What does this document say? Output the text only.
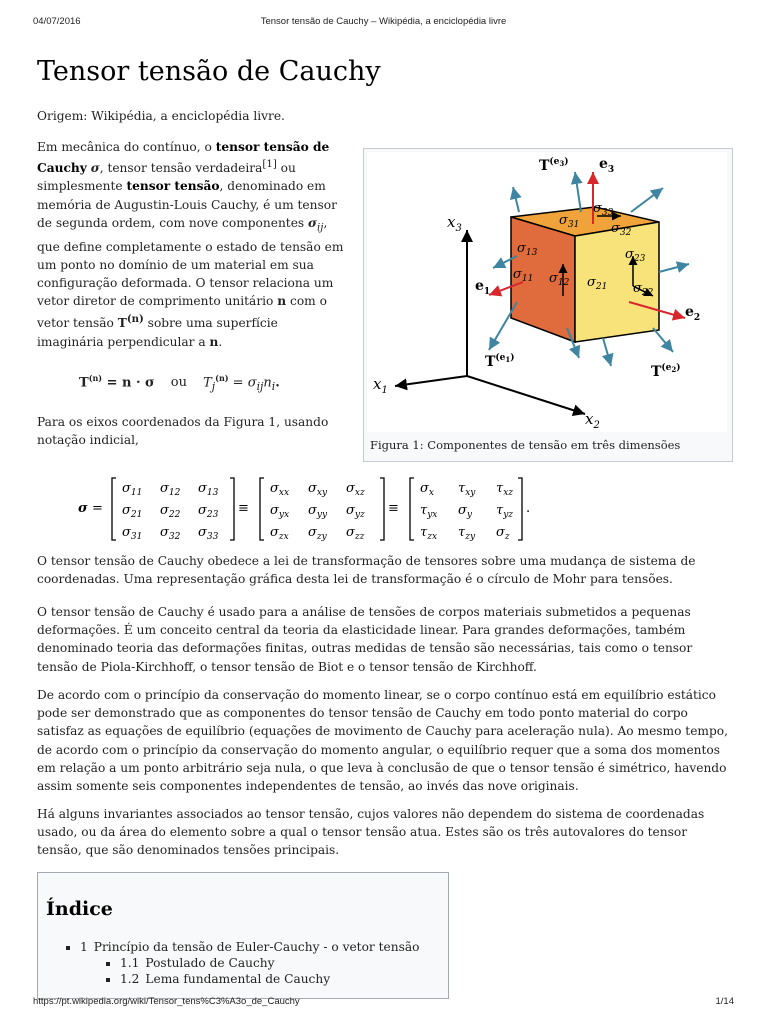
04/07/2016	Tensor tensão de Cauchy – Wikipédia, a enciclopédia livre
Tensor tensão de Cauchy

Origem: Wikipédia, a enciclopédia livre.

Em mecânica do contínuo, o tensor tensão de Cauchy σ, tensor tensão verdadeira[1] ou simplesmente tensor tensão, denominado em memória de Augustin-Louis Cauchy, é um tensor de segunda ordem, com nove componentes $\sigma_{ij}$, que define completamente o estado de tensão em um ponto no domínio de um material em sua configuração deformada. O tensor relaciona um vetor diretor de comprimento unitário n com o vetor tensão $T^{(n)}$ sobre uma superfície imaginária perpendicular a n.

$T^{(n)} = n \cdot \sigma$ ou $T_j^{(n)} = \sigma_{ij}n_i$.

Para os eixos coordenados da Figura 1, usando notação indicial,

$x_3$
$x_1$
$x_2$
$T^{(e}3$) $e_3$
$e_1$
$e_2$
$T^{(e}1$)
$T^{(e}2$)
$\sigma_{31}$
$\sigma_{33}$
$\sigma_{32}$
$\sigma_{13}$	$\sigma_{23}$
$\sigma_{11}$ $\sigma_{12}$ $\sigma_{21}$ $\sigma_{22}$
Figura 1: Componentes de tensão em três dimensões
σ =	≡	≡	.
$\sigma_{11}$ $\sigma_{12}$ $\sigma_{13}$
$\sigma_{21}$ $\sigma_{22}$ $\sigma_{23}$
$\sigma_{31}$ $\sigma_{32}$ $\sigma_{33}$
$\sigma_{xx}$ $\sigma_{xy}$ $\sigma_{xz}$
$\sigma_{yx}$ $\sigma_{yy}$ $\sigma_{yz}$
$\sigma_{zx}$ $\sigma_{zy}$ $\sigma_{zz}$
$\sigma_x$ $\tau_{xy}$ $\tau_{xz}$
$\tau_{yx}$ $\sigma_y$ $\tau_{yz}$
$\tau_{zx}$ $\tau_{zy}$ $\sigma_z$

O tensor tensão de Cauchy obedece a lei de transformação de tensores sobre uma mudança de sistema de coordenadas. Uma representação gráfica desta lei de transformação é o círculo de Mohr para tensões.

O tensor tensão de Cauchy é usado para a análise de tensões de corpos materiais submetidos a pequenas deformações. É um conceito central da teoria da elasticidade linear. Para grandes deformações, também denominado teoria das deformações finitas, outras medidas de tensão são necessárias, tais como o tensor tensão de Piola-Kirchhoff, o tensor tensão de Biot e o tensor tensão de Kirchhoff.

De acordo com o princípio da conservação do momento linear, se o corpo contínuo está em equilíbrio estático pode ser demonstrado que as componentes do tensor tensão de Cauchy em todo ponto material do corpo satisfaz as equações de equilíbrio (equações de movimento de Cauchy para aceleração nula). Ao mesmo tempo, de acordo com o princípio da conservação do momento angular, o equilíbrio requer que a soma dos momentos em relação a um ponto arbitrário seja nula, o que leva à conclusão de que o tensor tensão é simétrico, havendo assim somente seis componentes independentes de tensão, ao invés das nove originais.

Há alguns invariantes associados ao tensor tensão, cujos valores não dependem do sistema de coordenadas usado, ou da área do elemento sobre a qual o tensor tensão atua. Estes são os três autovalores do tensor tensão, que são denominados tensões principais.

Índice
1 Princípio da tensão de Euler-Cauchy - o vetor tensão
1.1 Postulado de Cauchy
1.2 Lema fundamental de Cauchy
https://pt.wikipedia.org/wiki/Tensor_tens%C3%A3o_de_Cauchy	1/14
